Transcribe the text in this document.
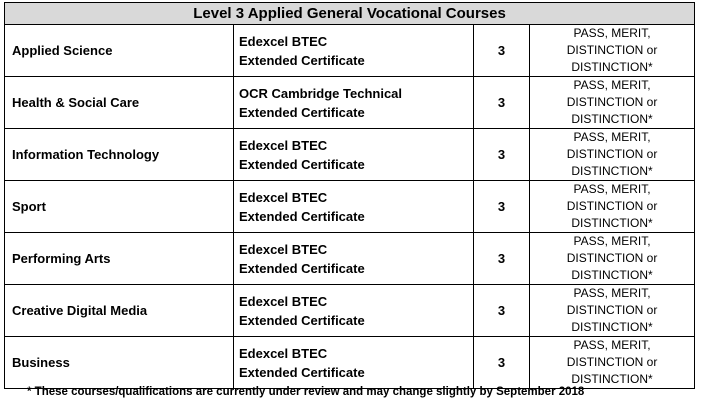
Level 3 Applied General Vocational Courses			
Applied Science	Edexcel BTEC
Extended Certificate	3	PASS, MERIT,
DISTINCTION or
DISTINCTION*

Health & Social Care	OCR Cambridge Technical
Extended Certificate	3	PASS, MERIT,
DISTINCTION or
DISTINCTION*

Information Technology	Edexcel BTEC
Extended Certificate	3	PASS, MERIT,
DISTINCTION or
DISTINCTION*

Sport	Edexcel BTEC
Extended Certificate	3	PASS, MERIT,
DISTINCTION or
DISTINCTION*

Performing Arts	Edexcel BTEC
Extended Certificate	3	PASS, MERIT,
DISTINCTION or
DISTINCTION*

Creative Digital Media	Edexcel BTEC
Extended Certificate	3	PASS, MERIT,
DISTINCTION or
DISTINCTION*

Business	Edexcel BTEC
Extended Certificate	3	PASS, MERIT,
DISTINCTION or
DISTINCTION*
* These courses/qualifications are currently under review and may change slightly by September 2018
